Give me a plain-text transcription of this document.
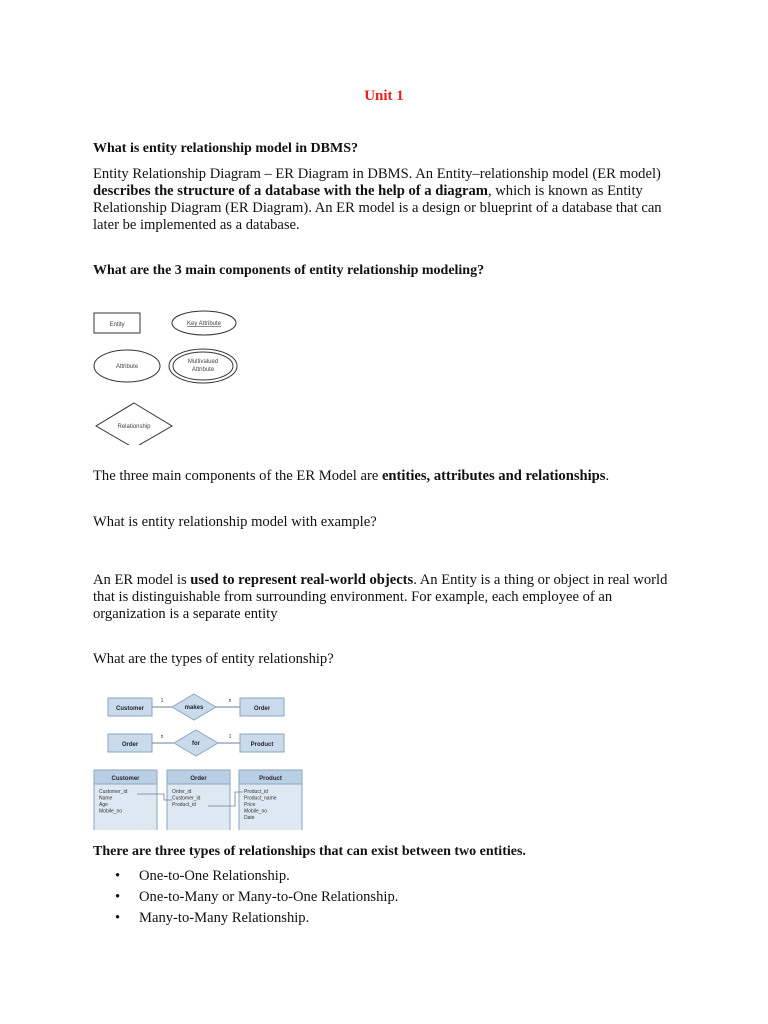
Unit 1
What is entity relationship model in DBMS?
Entity Relationship Diagram – ER Diagram in DBMS. An Entity–relationship model (ER model) describes the structure of a database with the help of a diagram, which is known as Entity Relationship Diagram (ER Diagram). An ER model is a design or blueprint of a database that can later be implemented as a database.
What are the 3 main components of entity relationship modeling?
Entity	Key Attribute
Attribute
Multivalued
Attribute
Relationship
The three main components of the ER Model are entities, attributes and relationships.
What is entity relationship model with example?
An ER model is used to represent real-world objects. An Entity is a thing or object in real world that is distinguishable from surrounding environment. For example, each employee of an organization is a separate entity
What are the types of entity relationship?
Customer
1
makes
n
Order
Order
n
for
1
Product
Customer
Customer_id
Name
Age
Mobile_no
Order
Order_id
Customer_id
Product_id
Product
Product_id
Product_name
Price
Mobile_no
Date
There are three types of relationships that can exist between two entities.
• One-to-One Relationship.
• One-to-Many or Many-to-One Relationship.
• Many-to-Many Relationship.
